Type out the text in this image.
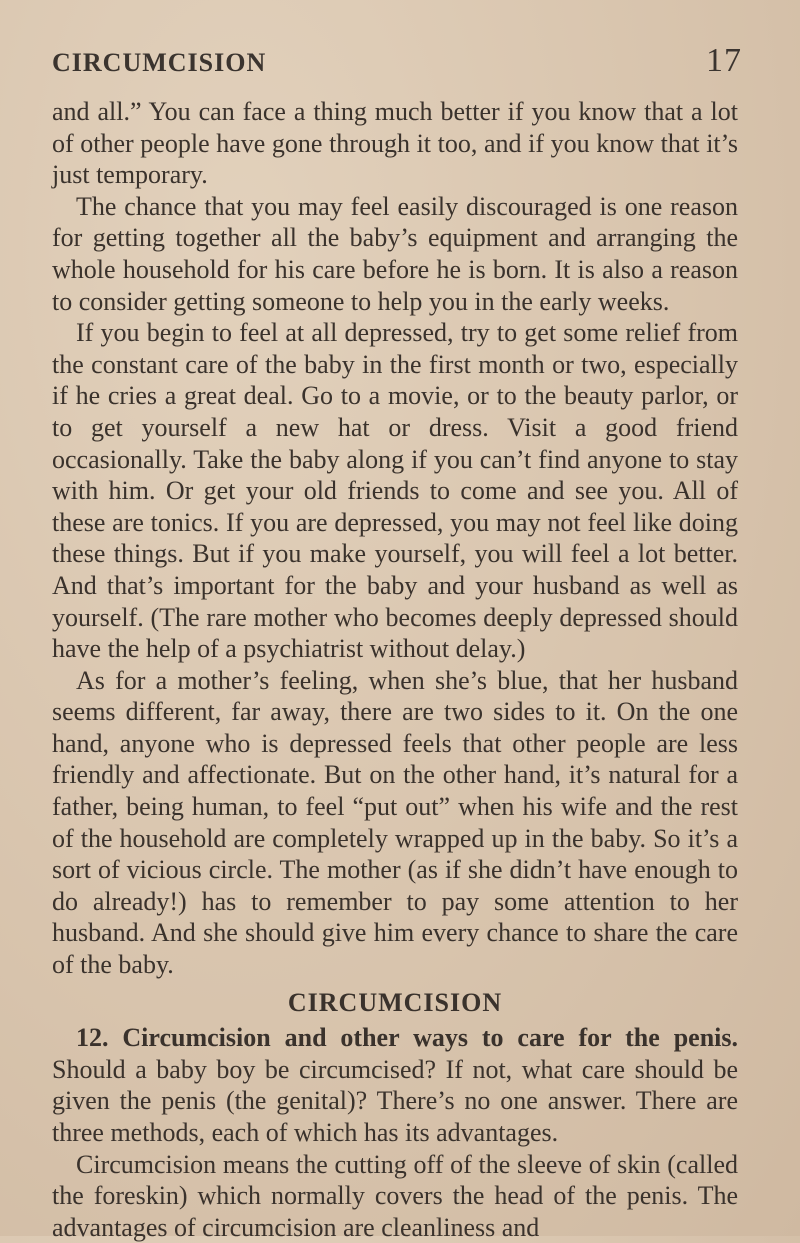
CIRCUMCISION	17

and all.” You can face a thing much better if you know that a lot of other people have gone through it too, and if you know that it’s just temporary.

The chance that you may feel easily discouraged is one reason for getting together all the baby’s equipment and arranging the whole household for his care before he is born. It is also a reason to consider getting someone to help you in the early weeks.

If you begin to feel at all depressed, try to get some relief from the constant care of the baby in the first month or two, especially if he cries a great deal. Go to a movie, or to the beauty parlor, or to get yourself a new hat or dress. Visit a good friend occasionally. Take the baby along if you can’t find anyone to stay with him. Or get your old friends to come and see you. All of these are tonics. If you are depressed, you may not feel like doing these things. But if you make yourself, you will feel a lot better. And that’s important for the baby and your husband as well as yourself. (The rare mother who becomes deeply depressed should have the help of a psychiatrist without delay.)

As for a mother’s feeling, when she’s blue, that her husband seems different, far away, there are two sides to it. On the one hand, anyone who is depressed feels that other people are less friendly and affectionate. But on the other hand, it’s natural for a father, being human, to feel “put out” when his wife and the rest of the household are completely wrapped up in the baby. So it’s a sort of vicious circle. The mother (as if she didn’t have enough to do already!) has to remember to pay some attention to her husband. And she should give him every chance to share the care of the baby.

CIRCUMCISION

12. Circumcision and other ways to care for the penis. Should a baby boy be circumcised? If not, what care should be given the penis (the genital)? There’s no one answer. There are three methods, each of which has its advantages.

Circumcision means the cutting off of the sleeve of skin (called the foreskin) which normally covers the head of the penis. The advantages of circumcision are cleanliness and
